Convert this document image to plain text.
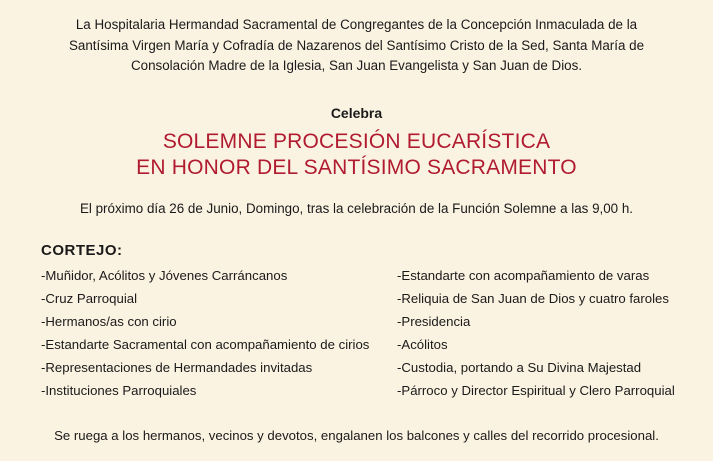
La Hospitalaria Hermandad Sacramental de Congregantes de la Concepción Inmaculada de la
Santísima Virgen María y Cofradía de Nazarenos del Santísimo Cristo de la Sed, Santa María de
Consolación Madre de la Iglesia, San Juan Evangelista y San Juan de Dios.
Celebra
SOLEMNE PROCESIÓN EUCARÍSTICA
EN HONOR DEL SANTÍSIMO SACRAMENTO
El próximo día 26 de Junio, Domingo, tras la celebración de la Función Solemne a las 9,00 h.
CORTEJO:
-Muñidor, Acólitos y Jóvenes Carráncanos
-Cruz Parroquial
-Hermanos/as con cirio
-Estandarte Sacramental con acompañamiento de cirios
-Representaciones de Hermandades invitadas
-Instituciones Parroquiales
-Estandarte con acompañamiento de varas
-Reliquia de San Juan de Dios y cuatro faroles
-Presidencia
-Acólitos
-Custodia, portando a Su Divina Majestad
-Párroco y Director Espiritual y Clero Parroquial
Se ruega a los hermanos, vecinos y devotos, engalanen los balcones y calles del recorrido procesional.
